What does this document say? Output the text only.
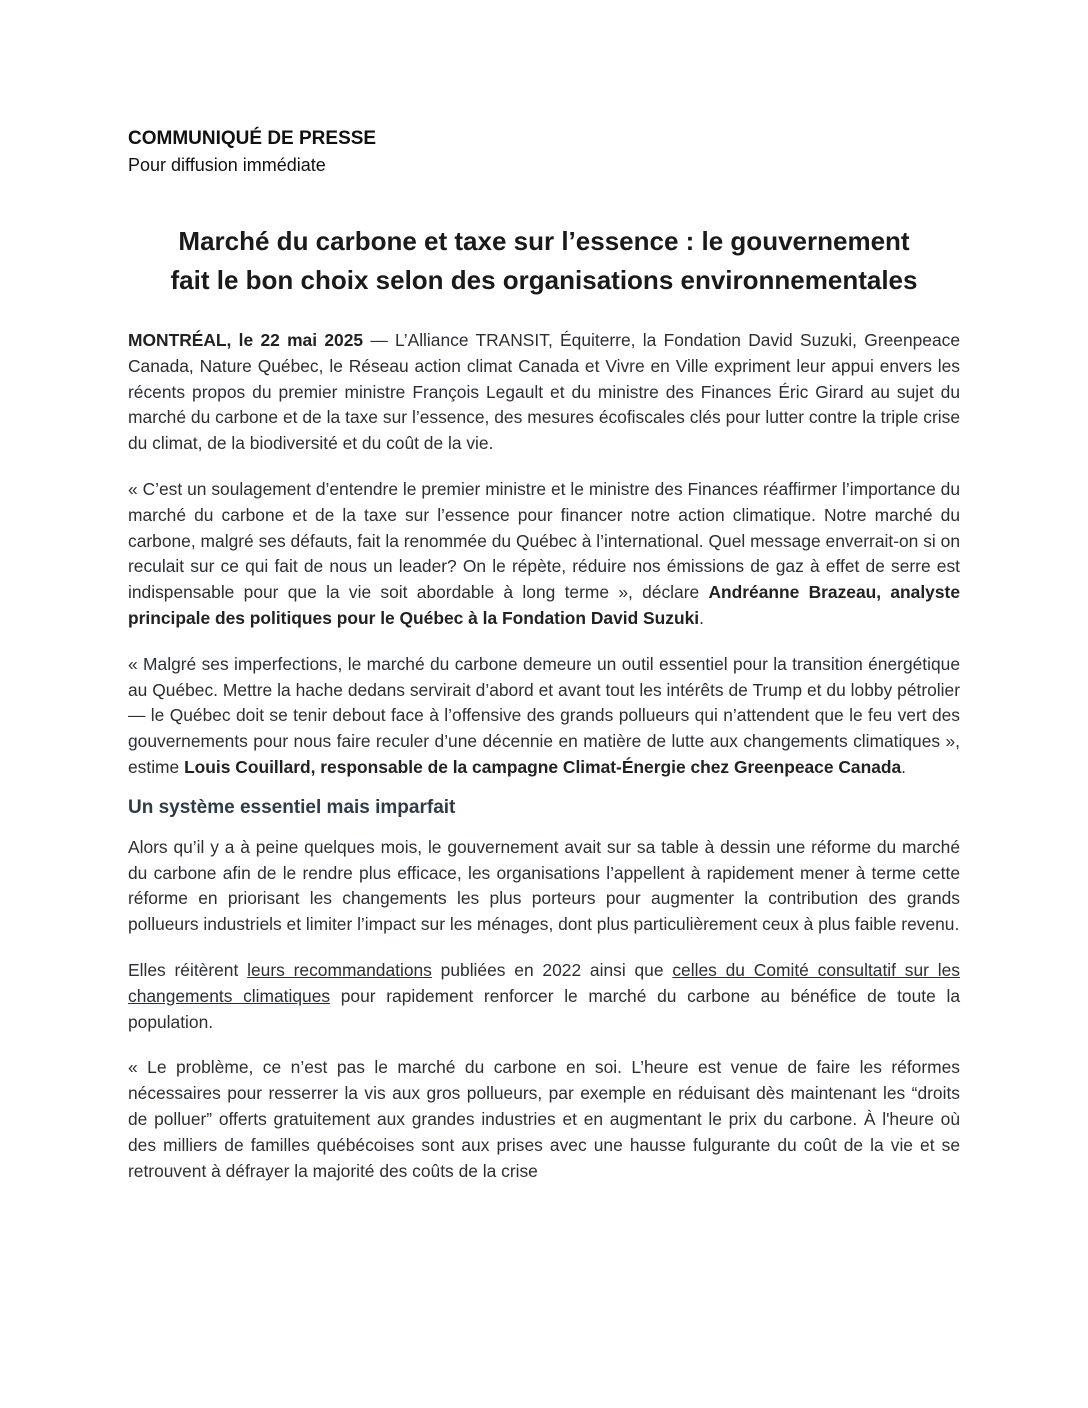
COMMUNIQUÉ DE PRESSE
Pour diffusion immédiate
Marché du carbone et taxe sur l’essence : le gouvernement
fait le bon choix selon des organisations environnementales

MONTRÉAL, le 22 mai 2025 — L’Alliance TRANSIT, Équiterre, la Fondation David Suzuki, Greenpeace Canada, Nature Québec, le Réseau action climat Canada et Vivre en Ville expriment leur appui envers les récents propos du premier ministre François Legault et du ministre des Finances Éric Girard au sujet du marché du carbone et de la taxe sur l’essence, des mesures écofiscales clés pour lutter contre la triple crise du climat, de la biodiversité et du coût de la vie.

« C’est un soulagement d’entendre le premier ministre et le ministre des Finances réaffirmer l’importance du marché du carbone et de la taxe sur l’essence pour financer notre action climatique. Notre marché du carbone, malgré ses défauts, fait la renommée du Québec à l’international. Quel message enverrait-on si on reculait sur ce qui fait de nous un leader? On le répète, réduire nos émissions de gaz à effet de serre est indispensable pour que la vie soit abordable à long terme », déclare Andréanne Brazeau, analyste principale des politiques pour le Québec à la Fondation David Suzuki.

« Malgré ses imperfections, le marché du carbone demeure un outil essentiel pour la transition énergétique au Québec. Mettre la hache dedans servirait d’abord et avant tout les intérêts de Trump et du lobby pétrolier — le Québec doit se tenir debout face à l’offensive des grands pollueurs qui n’attendent que le feu vert des gouvernements pour nous faire reculer d’une décennie en matière de lutte aux changements climatiques », estime Louis Couillard, responsable de la campagne Climat-Énergie chez Greenpeace Canada.

Un système essentiel mais imparfait

Alors qu’il y a à peine quelques mois, le gouvernement avait sur sa table à dessin une réforme du marché du carbone afin de le rendre plus efficace, les organisations l’appellent à rapidement mener à terme cette réforme en priorisant les changements les plus porteurs pour augmenter la contribution des grands pollueurs industriels et limiter l’impact sur les ménages, dont plus particulièrement ceux à plus faible revenu.

Elles réitèrent leurs recommandations publiées en 2022 ainsi que celles du Comité consultatif sur les changements climatiques pour rapidement renforcer le marché du carbone au bénéfice de toute la population.

« Le problème, ce n’est pas le marché du carbone en soi. L’heure est venue de faire les réformes nécessaires pour resserrer la vis aux gros pollueurs, par exemple en réduisant dès maintenant les “droits de polluer” offerts gratuitement aux grandes industries et en augmentant le prix du carbone. À l'heure où des milliers de familles québécoises sont aux prises avec une hausse fulgurante du coût de la vie et se retrouvent à défrayer la majorité des coûts de la crise
